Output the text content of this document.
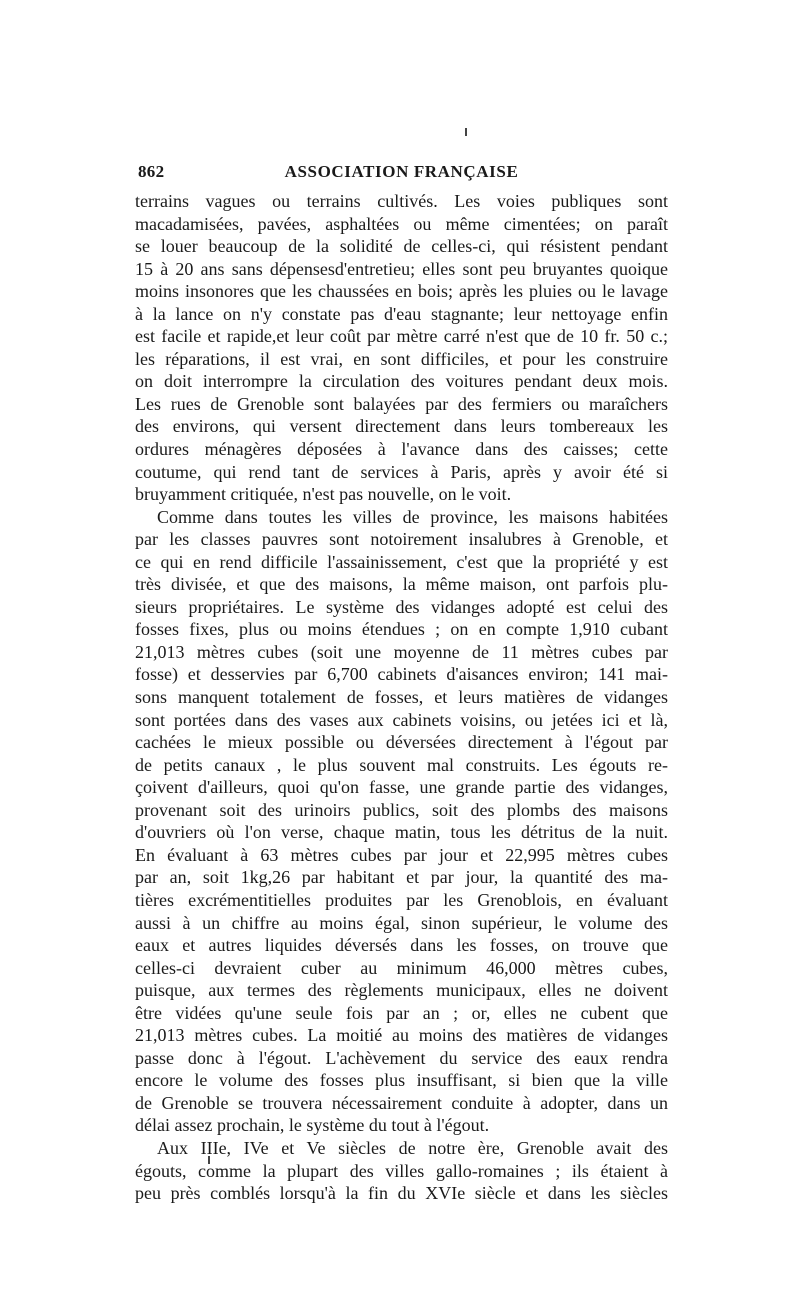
862	ASSOCIATION FRANÇAISE
terrains vagues ou terrains cultivés. Les voies publiques sont
macadamisées, pavées, asphaltées ou même cimentées; on paraît
se louer beaucoup de la solidité de celles-ci, qui résistent pendant
15 à 20 ans sans dépensesd'entretieu; elles sont peu bruyantes quoique
moins insonores que les chaussées en bois; après les pluies ou le lavage
à la lance on n'y constate pas d'eau stagnante; leur nettoyage enfin
est facile et rapide,et leur coût par mètre carré n'est que de 10 fr. 50 c.;
les réparations, il est vrai, en sont difficiles, et pour les construire
on doit interrompre la circulation des voitures pendant deux mois.
Les rues de Grenoble sont balayées par des fermiers ou maraîchers
des environs, qui versent directement dans leurs tombereaux les
ordures ménagères déposées à l'avance dans des caisses; cette
coutume, qui rend tant de services à Paris, après y avoir été si
bruyamment critiquée, n'est pas nouvelle, on le voit.
Comme dans toutes les villes de province, les maisons habitées
par les classes pauvres sont notoirement insalubres à Grenoble, et
ce qui en rend difficile l'assainissement, c'est que la propriété y est
très divisée, et que des maisons, la même maison, ont parfois plu-
sieurs propriétaires. Le système des vidanges adopté est celui des
fosses fixes, plus ou moins étendues ; on en compte 1,910 cubant
21,013 mètres cubes (soit une moyenne de 11 mètres cubes par
fosse) et desservies par 6,700 cabinets d'aisances environ; 141 mai-
sons manquent totalement de fosses, et leurs matières de vidanges
sont portées dans des vases aux cabinets voisins, ou jetées ici et là,
cachées le mieux possible ou déversées directement à l'égout par
de petits canaux , le plus souvent mal construits. Les égouts re-
çoivent d'ailleurs, quoi qu'on fasse, une grande partie des vidanges,
provenant soit des urinoirs publics, soit des plombs des maisons
d'ouvriers où l'on verse, chaque matin, tous les détritus de la nuit.
En évaluant à 63 mètres cubes par jour et 22,995 mètres cubes
par an, soit 1kg,26 par habitant et par jour, la quantité des ma-
tières excrémentitielles produites par les Grenoblois, en évaluant
aussi à un chiffre au moins égal, sinon supérieur, le volume des
eaux et autres liquides déversés dans les fosses, on trouve que
celles-ci devraient cuber au minimum 46,000 mètres cubes,
puisque, aux termes des règlements municipaux, elles ne doivent
être vidées qu'une seule fois par an ; or, elles ne cubent que
21,013 mètres cubes. La moitié au moins des matières de vidanges
passe donc à l'égout. L'achèvement du service des eaux rendra
encore le volume des fosses plus insuffisant, si bien que la ville
de Grenoble se trouvera nécessairement conduite à adopter, dans un
délai assez prochain, le système du tout à l'égout.
Aux IIIe, IVe et Ve siècles de notre ère, Grenoble avait des
égouts, comme la plupart des villes gallo-romaines ; ils étaient à
peu près comblés lorsqu'à la fin du XVIe siècle et dans les siècles
